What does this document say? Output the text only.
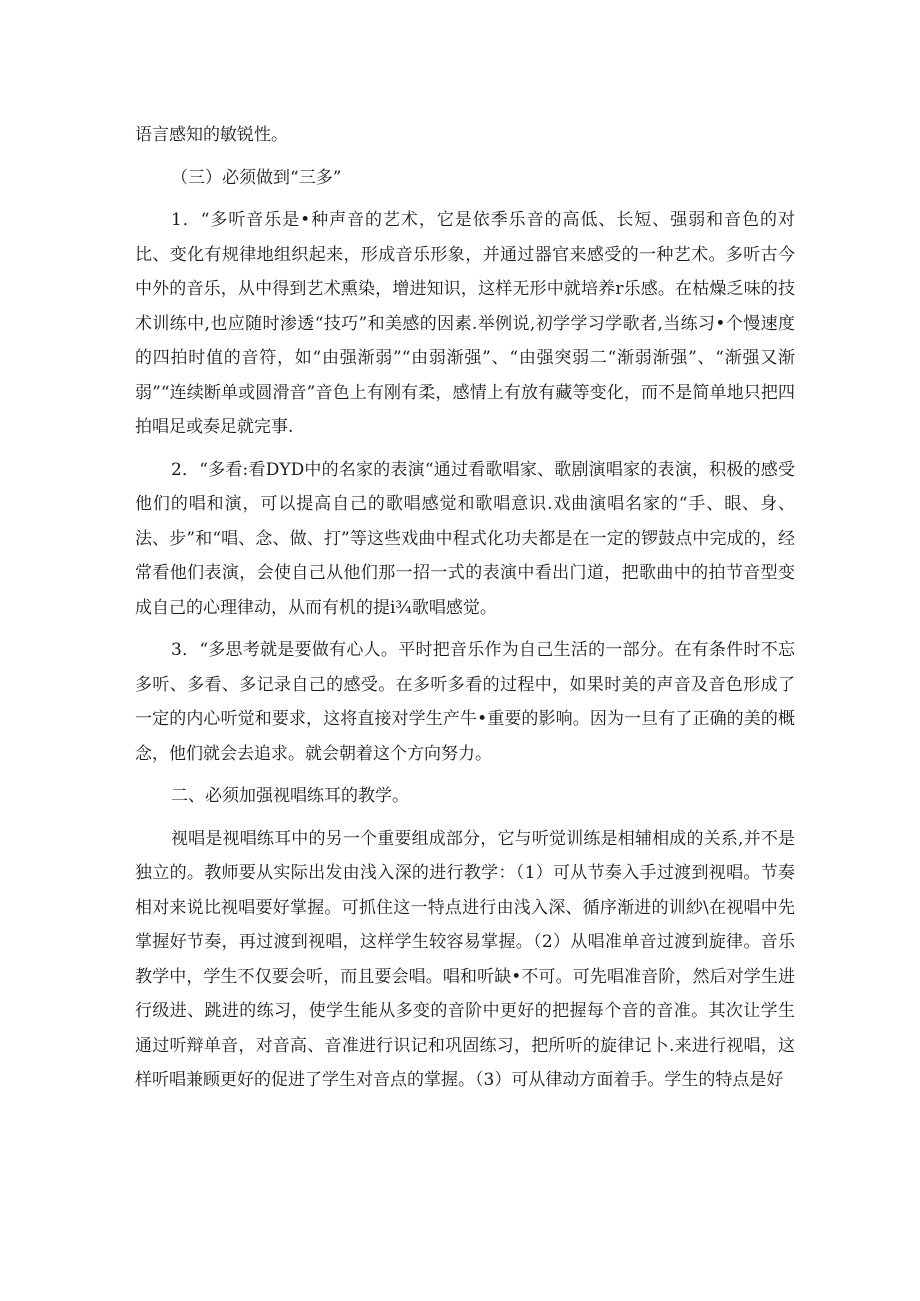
语言感知的敏锐性。

（三）必须做到“三多”

1．“多听音乐是•种声音的艺术，它是依季乐音的高低、长短、强弱和音色的对比、变化有规律地组织起来，形成音乐形象，并通过器官来感受的一种艺术。多听古今中外的音乐，从中得到艺术熏染，增进知识，这样无形中就培养r乐感。在枯燥乏味的技术训练中,也应随时渗透“技巧”和美感的因素.举例说,初学学习学歌者,当练习•个慢速度的四拍时值的音符，如“由强渐弱”“由弱渐强”、“由强突弱二“渐弱渐强”、“渐强又渐弱”“连续断单或圆滑音”音色上有刚有柔，感情上有放有藏等变化，而不是简单地只把四拍唱足或奏足就完事.

2．“多看:看DYD中的名家的表演“通过看歌唱家、歌剧演唱家的表演，积极的感受他们的唱和演，可以提高自己的歌唱感觉和歌唱意识.戏曲演唱名家的“手、眼、身、法、步”和“唱、念、做、打”等这些戏曲中程式化功夫都是在一定的锣鼓点中完成的，经常看他们表演，会使自己从他们那一招一式的表演中看出门道，把歌曲中的拍节音型变成自己的心理律动，从而有机的提i¾歌唱感觉。

3．“多思考就是要做有心人。平时把音乐作为自己生活的一部分。在有条件时不忘多听、多看、多记录自己的感受。在多听多看的过程中，如果时美的声音及音色形成了一定的内心听觉和要求，这将直接对学生产牛•重要的影响。因为一旦有了正确的美的概念，他们就会去追求。就会朝着这个方向努力。

二、必须加强视唱练耳的教学。

视唱是视唱练耳中的另一个重要组成部分，它与听觉训练是相辅相成的关系,并不是独立的。教师要从实际出发由浅入深的进行教学：（1）可从节奏入手过渡到视唱。节奏相对来说比视唱要好掌握。可抓住这一特点进行由浅入深、循序渐进的训紗\在视唱中先掌握好节奏，再过渡到视唱，这样学生较容易掌握。（2）从唱准单音过渡到旋律。音乐教学中，学生不仅要会听，而且要会唱。唱和听缺•不可。可先唱准音阶，然后对学生进行级进、跳进的练习，使学生能从多变的音阶中更好的把握每个音的音准。其次让学生通过听辩单音，对音高、音准进行识记和巩固练习，把所听的旋律记卜.来进行视唱，这样听唱兼顾更好的促进了学生对音点的掌握。（3）可从律动方面着手。学生的特点是好
